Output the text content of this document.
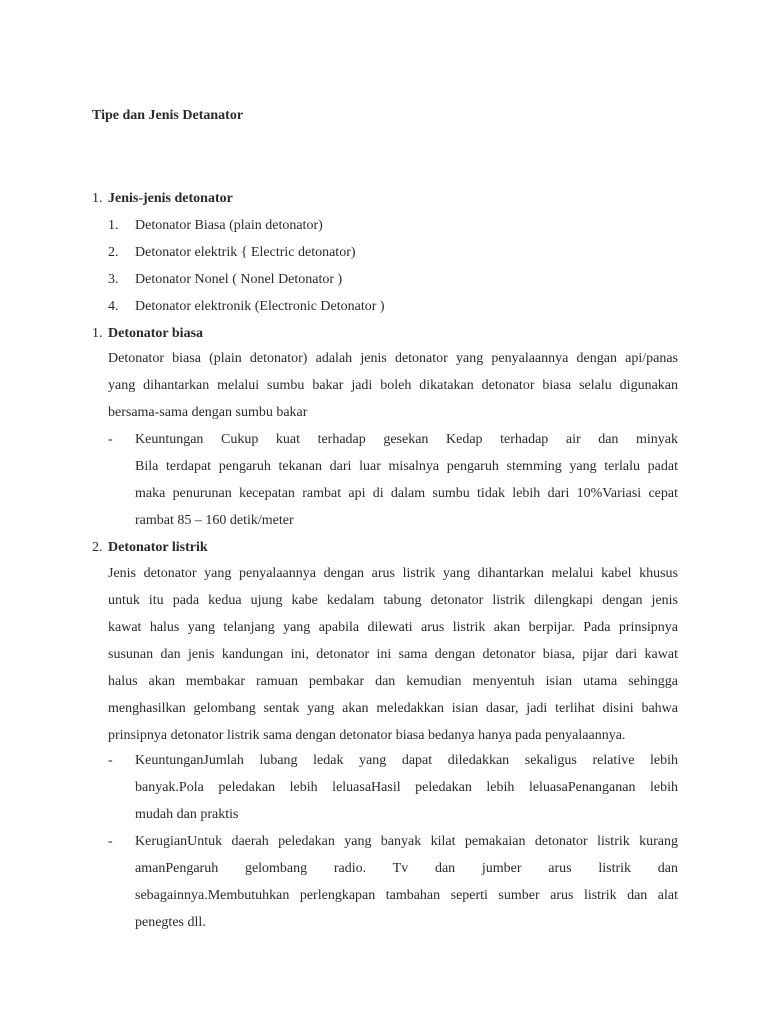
Tipe dan Jenis Detanator
1. Jenis-jenis detonator
1. Detonator Biasa (plain detonator)
2. Detonator elektrik { Electric detonator)
3. Detonator Nonel ( Nonel Detonator )
4. Detonator elektronik (Electronic Detonator )
1. Detonator biasa
Detonator biasa (plain detonator) adalah jenis detonator yang penyalaannya dengan api/panas
yang dihantarkan melalui sumbu bakar jadi boleh dikatakan detonator biasa selalu digunakan
bersama-sama dengan sumbu bakar
- Keuntungan Cukup kuat terhadap gesekan Kedap terhadap air dan minyak
Bila terdapat pengaruh tekanan dari luar misalnya pengaruh stemming yang terlalu padat
maka penurunan kecepatan rambat api di dalam sumbu tidak lebih dari 10%Variasi cepat
rambat 85 – 160 detik/meter
2. Detonator listrik
Jenis detonator yang penyalaannya dengan arus listrik yang dihantarkan melalui kabel khusus
untuk itu pada kedua ujung kabe kedalam tabung detonator listrik dilengkapi dengan jenis
kawat halus yang telanjang yang apabila dilewati arus listrik akan berpijar. Pada prinsipnya
susunan dan jenis kandungan ini, detonator ini sama dengan detonator biasa, pijar dari kawat
halus akan membakar ramuan pembakar dan kemudian menyentuh isian utama sehingga
menghasilkan gelombang sentak yang akan meledakkan isian dasar, jadi terlihat disini bahwa
prinsipnya detonator listrik sama dengan detonator biasa bedanya hanya pada penyalaannya.
- KeuntunganJumlah lubang ledak yang dapat diledakkan sekaligus relative lebih
banyak.Pola peledakan lebih leluasaHasil peledakan lebih leluasaPenanganan lebih
mudah dan praktis
- KerugianUntuk daerah peledakan yang banyak kilat pemakaian detonator listrik kurang
amanPengaruh gelombang radio. Tv dan jumber arus listrik dan
sebagainnya.Membutuhkan perlengkapan tambahan seperti sumber arus listrik dan alat
penegtes dll.
